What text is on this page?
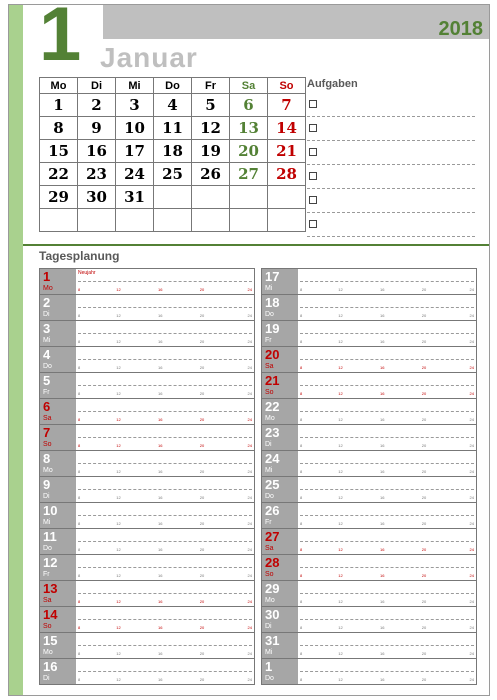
1	2018
Januar
Mo	Di	Mi	Do	Fr	Sa	So
1	2	3	4	5	6	7
8	9	10	11	12	13	14
15	16	17	18	19	20	21
22	23	24	25	26	27	28
29	30	31				

Aufgaben
Tagesplanung
1
Mo
Neujahr
8	12	16	20	24
2
Di	8	12	16	20	24
3
Mi	8	12	16	20	24
4
Do	8	12	16	20	24
5
Fr	8	12	16	20	24
6
Sa	8	12	16	20	24
7
So	8	12	16	20	24
8
Mo	8	12	16	20	24
9
Di	8	12	16	20	24
10
Mi	8	12	16	20	24
11
Do	8	12	16	20	24
12
Fr	8	12	16	20	24
13
Sa	8	12	16	20	24
14
So	8	12	16	20	24
15
Mo	8	12	16	20	24
16
Di	8	12	16	20	24
17
Mi	8	12	16	20	24
18
Do	8	12	16	20	24
19
Fr	8	12	16	20	24
20
Sa	8	12	16	20	24
21
So	8	12	16	20	24
22
Mo	8	12	16	20	24
23
Di	8	12	16	20	24
24
Mi	8	12	16	20	24
25
Do	8	12	16	20	24
26
Fr	8	12	16	20	24
27
Sa	8	12	16	20	24
28
So	8	12	16	20	24
29
Mo	8	12	16	20	24
30
Di	8	12	16	20	24
31
Mi	8	12	16	20	24
1
Do	8	12	16	20	24
